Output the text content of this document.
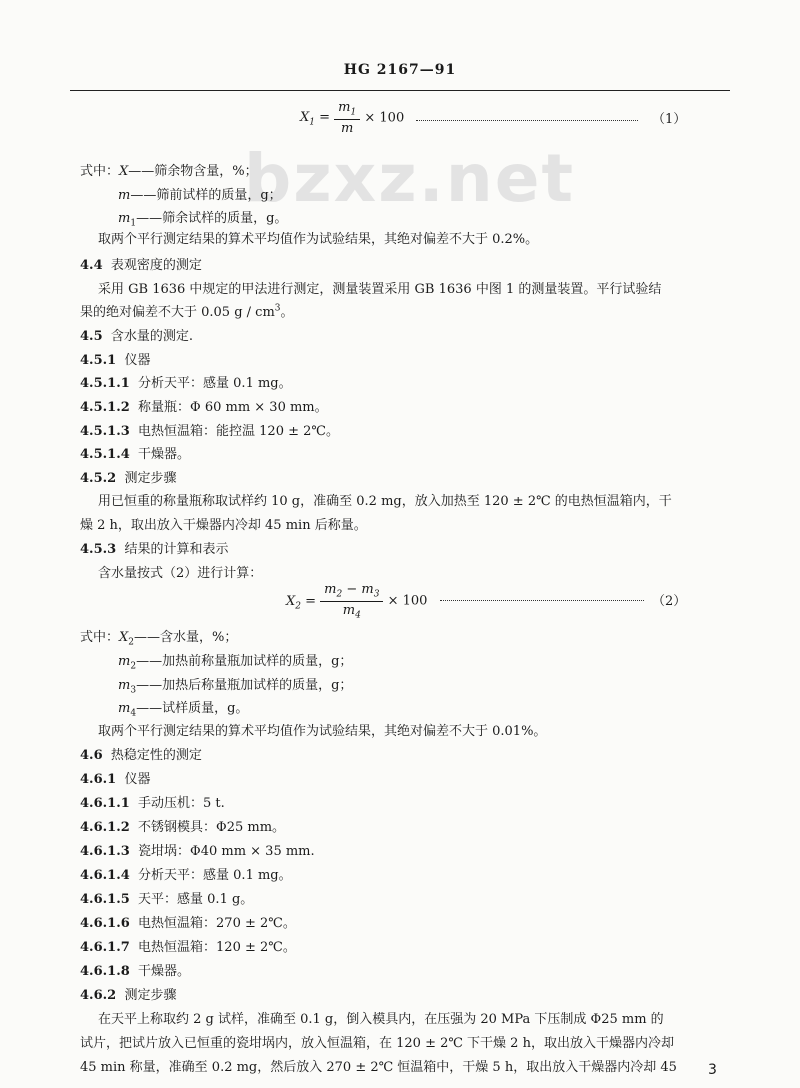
HG 2167—91
bzxz.net
$X_1 = \frac{m_1}{m} \times 100$	（1）
式中：X——筛余物含量，%；
m——筛前试样的质量，g；
$m_1——$筛余试样的质量，g。
取两个平行测定结果的算术平均值作为试验结果，其绝对偏差不大于 0.2%。
4.4 表观密度的测定
采用 GB 1636 中规定的甲法进行测定，测量装置采用 GB 1636 中图 1 的测量装置。平行试验结
果的绝对偏差不大于 0.05 g / $cm^3$。
4.5 含水量的测定.
4.5.1 仪器
4.5.1.1 分析天平：感量 0.1 mg。
4.5.1.2 称量瓶：Φ 60 mm × 30 mm。
4.5.1.3 电热恒温箱：能控温 120 ± 2℃。
4.5.1.4 干燥器。
4.5.2 测定步骤
用已恒重的称量瓶称取试样约 10 g，准确至 0.2 mg，放入加热至 120 ± 2℃ 的电热恒温箱内，干
燥 2 h，取出放入干燥器内冷却 45 min 后称量。
4.5.3 结果的计算和表示
含水量按式（2）进行计算：
$X_2 = \frac{m_2 - m_3}{m_4} \times 100$	（2）
式中：$X_2——$含水量，%；
$m_2——$加热前称量瓶加试样的质量，g；
$m_3——$加热后称量瓶加试样的质量，g；
$m_4——$试样质量，g。
取两个平行测定结果的算术平均值作为试验结果，其绝对偏差不大于 0.01%。
4.6 热稳定性的测定
4.6.1 仪器
4.6.1.1 手动压机：5 t.
4.6.1.2 不锈钢模具：Φ25 mm。
4.6.1.3 瓷坩埚：Φ40 mm × 35 mm.
4.6.1.4 分析天平：感量 0.1 mg。
4.6.1.5 天平：感量 0.1 g。
4.6.1.6 电热恒温箱：270 ± 2℃。
4.6.1.7 电热恒温箱：120 ± 2℃。
4.6.1.8 干燥器。
4.6.2 测定步骤
在天平上称取约 2 g 试样，准确至 0.1 g，倒入模具内，在压强为 20 MPa 下压制成 Φ25 mm 的
试片，把试片放入已恒重的瓷坩埚内，放入恒温箱，在 120 ± 2℃ 下干燥 2 h，取出放入干燥器内冷却
45 min 称量，准确至 0.2 mg，然后放入 270 ± 2℃ 恒温箱中，干燥 5 h，取出放入干燥器内冷却 45 3
